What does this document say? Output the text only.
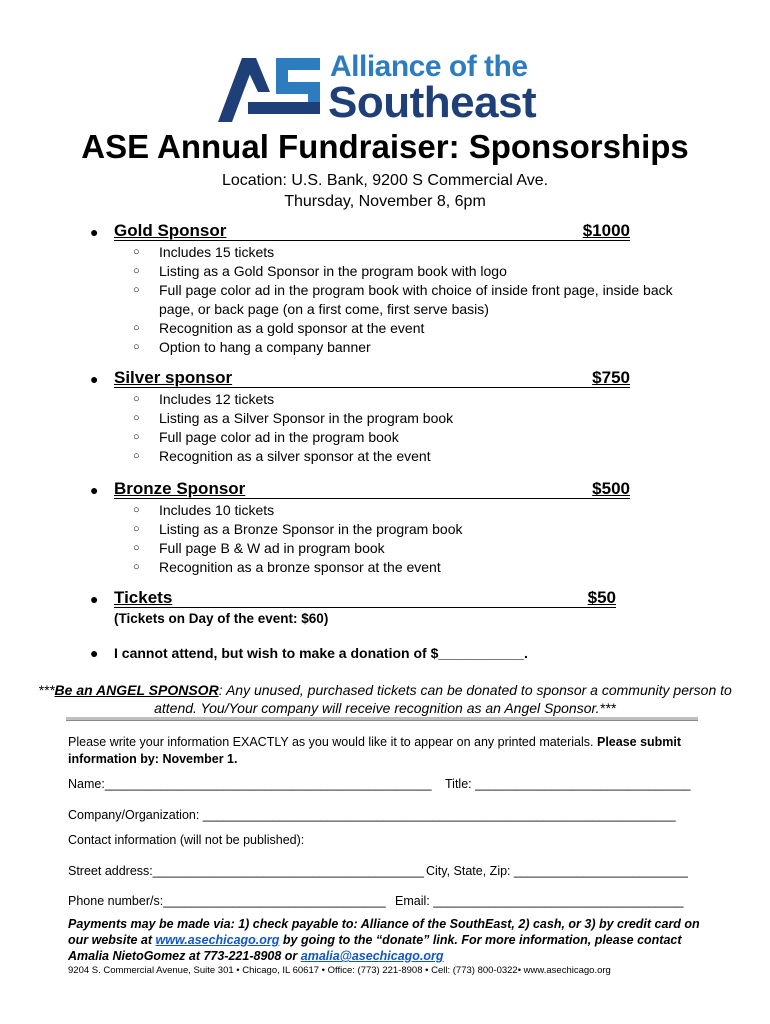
Alliance of the
Southeast
ASE Annual Fundraiser: Sponsorships
Location: U.S. Bank, 9200 S Commercial Ave.
Thursday, November 8, 6pm
● Gold Sponsor	$1000
○ Includes 15 tickets
○ Listing as a Gold Sponsor in the program book with logo
○ Full page color ad in the program book with choice of inside front page, inside back page, or back page (on a first come, first serve basis)
○ Recognition as a gold sponsor at the event
○ Option to hang a company banner
● Silver sponsor	$750
○ Includes 12 tickets
○ Listing as a Silver Sponsor in the program book
○ Full page color ad in the program book
○ Recognition as a silver sponsor at the event
● Bronze Sponsor	$500
○ Includes 10 tickets
○ Listing as a Bronze Sponsor in the program book
○ Full page B & W ad in program book
○ Recognition as a bronze sponsor at the event
● Tickets	$50
(Tickets on Day of the event: $60)
● I cannot attend, but wish to make a donation of $___________.
***Be an ANGEL SPONSOR: Any unused, purchased tickets can be donated to sponsor a community person to attend. You/Your company will receive recognition as an Angel Sponsor.***
Please write your information EXACTLY as you would like it to appear on any printed materials. Please submit information by: November 1.
Name:_______________________________________________ Title: _______________________________
Company/Organization: ____________________________________________________________________
Contact information (will not be published):
Street address:_______________________________________ City, State, Zip: _________________________
Phone number/s:________________________________ Email: ____________________________________
Payments may be made via: 1) check payable to: Alliance of the SouthEast, 2) cash, or 3) by credit card on our website at www.asechicago.org by going to the “donate” link. For more information, please contact Amalia NietoGomez at 773-221-8908 or amalia@asechicago.org
9204 S. Commercial Avenue, Suite 301 • Chicago, IL 60617 • Office: (773) 221-8908 • Cell: (773) 800-0322• www.asechicago.org
